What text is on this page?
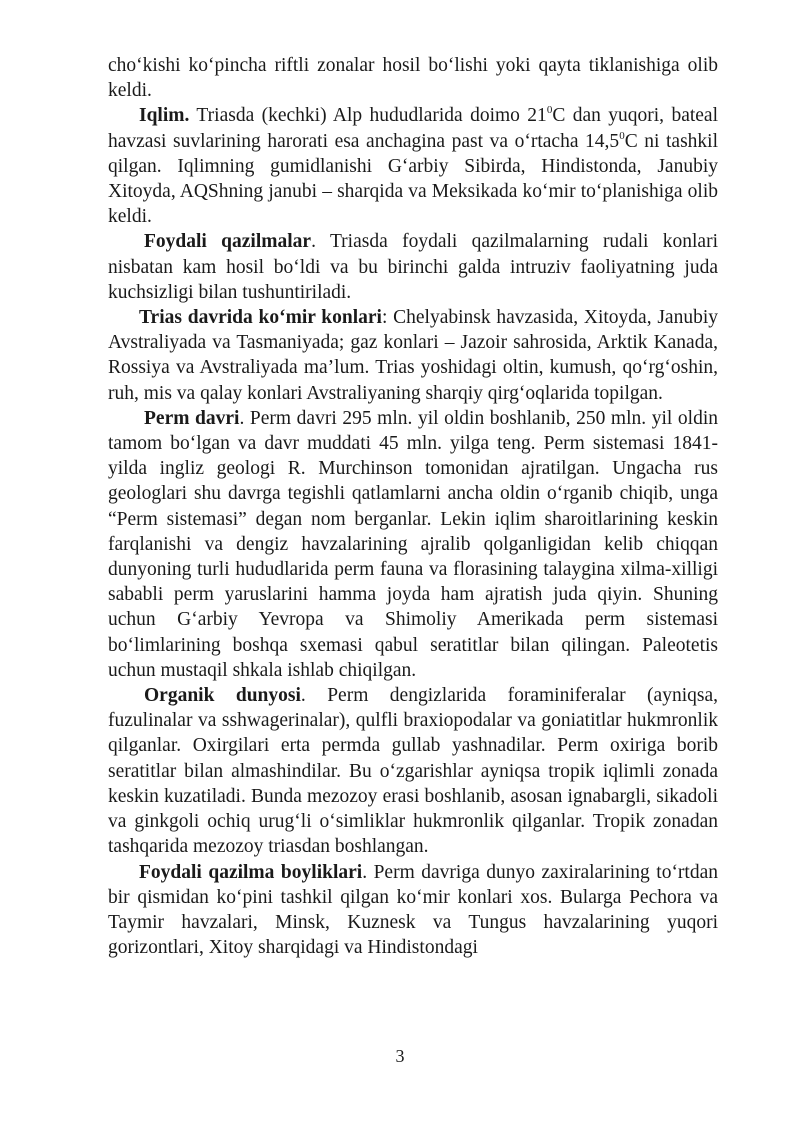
cho‘kishi ko‘pincha riftli zonalar hosil bo‘lishi yoki qayta tiklanishiga olib keldi.

Iqlim. Triasda (kechki) Alp hududlarida doimo $21^0C$ dan yuqori, bateal havzasi suvlarining harorati esa anchagina past va o‘rtacha 14,5$^0$C ni tashkil qilgan. Iqlimning gumidlanishi G‘arbiy Sibirda, Hindistonda, Janubiy Xitoyda, AQShning janubi – sharqida va Meksikada ko‘mir to‘planishiga olib keldi.

Foydali qazilmalar. Triasda foydali qazilmalarning rudali konlari nisbatan kam hosil bo‘ldi va bu birinchi galda intruziv faoliyatning juda kuchsizligi bilan tushuntiriladi.

Trias davrida ko‘mir konlari: Chelyabinsk havzasida, Xitoyda, Janubiy Avstraliyada va Tasmaniyada; gaz konlari – Jazoir sahrosida, Arktik Kanada, Rossiya va Avstraliyada ma’lum. Trias yoshidagi oltin, kumush, qo‘rg‘oshin, ruh, mis va qalay konlari Avstraliyaning sharqiy qirg‘oqlarida topilgan.

Perm davri. Perm davri 295 mln. yil oldin boshlanib, 250 mln. yil oldin tamom bo‘lgan va davr muddati 45 mln. yilga teng. Perm sistemasi 1841-yilda ingliz geologi R. Murchinson tomonidan ajratilgan. Ungacha rus geologlari shu davrga tegishli qatlamlarni ancha oldin o‘rganib chiqib, unga “Perm sistemasi” degan nom berganlar. Lekin iqlim sharoitlarining keskin farqlanishi va dengiz havzalarining ajralib qolganligidan kelib chiqqan dunyoning turli hududlarida perm fauna va florasining talaygina xilma-xilligi sababli perm yaruslarini hamma joyda ham ajratish juda qiyin. Shuning uchun G‘arbiy Yevropa va Shimoliy Amerikada perm sistemasi bo‘limlarining boshqa sxemasi qabul seratitlar bilan qilingan. Paleotetis uchun mustaqil shkala ishlab chiqilgan.

Organik dunyosi. Perm dengizlarida foraminiferalar (ayniqsa, fuzulinalar va sshwagerinalar), qulfli braxiopodalar va goniatitlar hukmronlik qilganlar. Oxirgilari erta permda gullab yashnadilar. Perm oxiriga borib seratitlar bilan almashindilar. Bu o‘zgarishlar ayniqsa tropik iqlimli zonada keskin kuzatiladi. Bunda mezozoy erasi boshlanib, asosan ignabargli, sikadoli va ginkgoli ochiq urug‘li o‘simliklar hukmronlik qilganlar. Tropik zonadan tashqarida mezozoy triasdan boshlangan.

Foydali qazilma boyliklari. Perm davriga dunyo zaxiralarining to‘rtdan bir qismidan ko‘pini tashkil qilgan ko‘mir konlari xos. Bularga Pechora va Taymir havzalari, Minsk, Kuznesk va Tungus havzalarining yuqori gorizontlari, Xitoy sharqidagi va Hindistondagi

3
